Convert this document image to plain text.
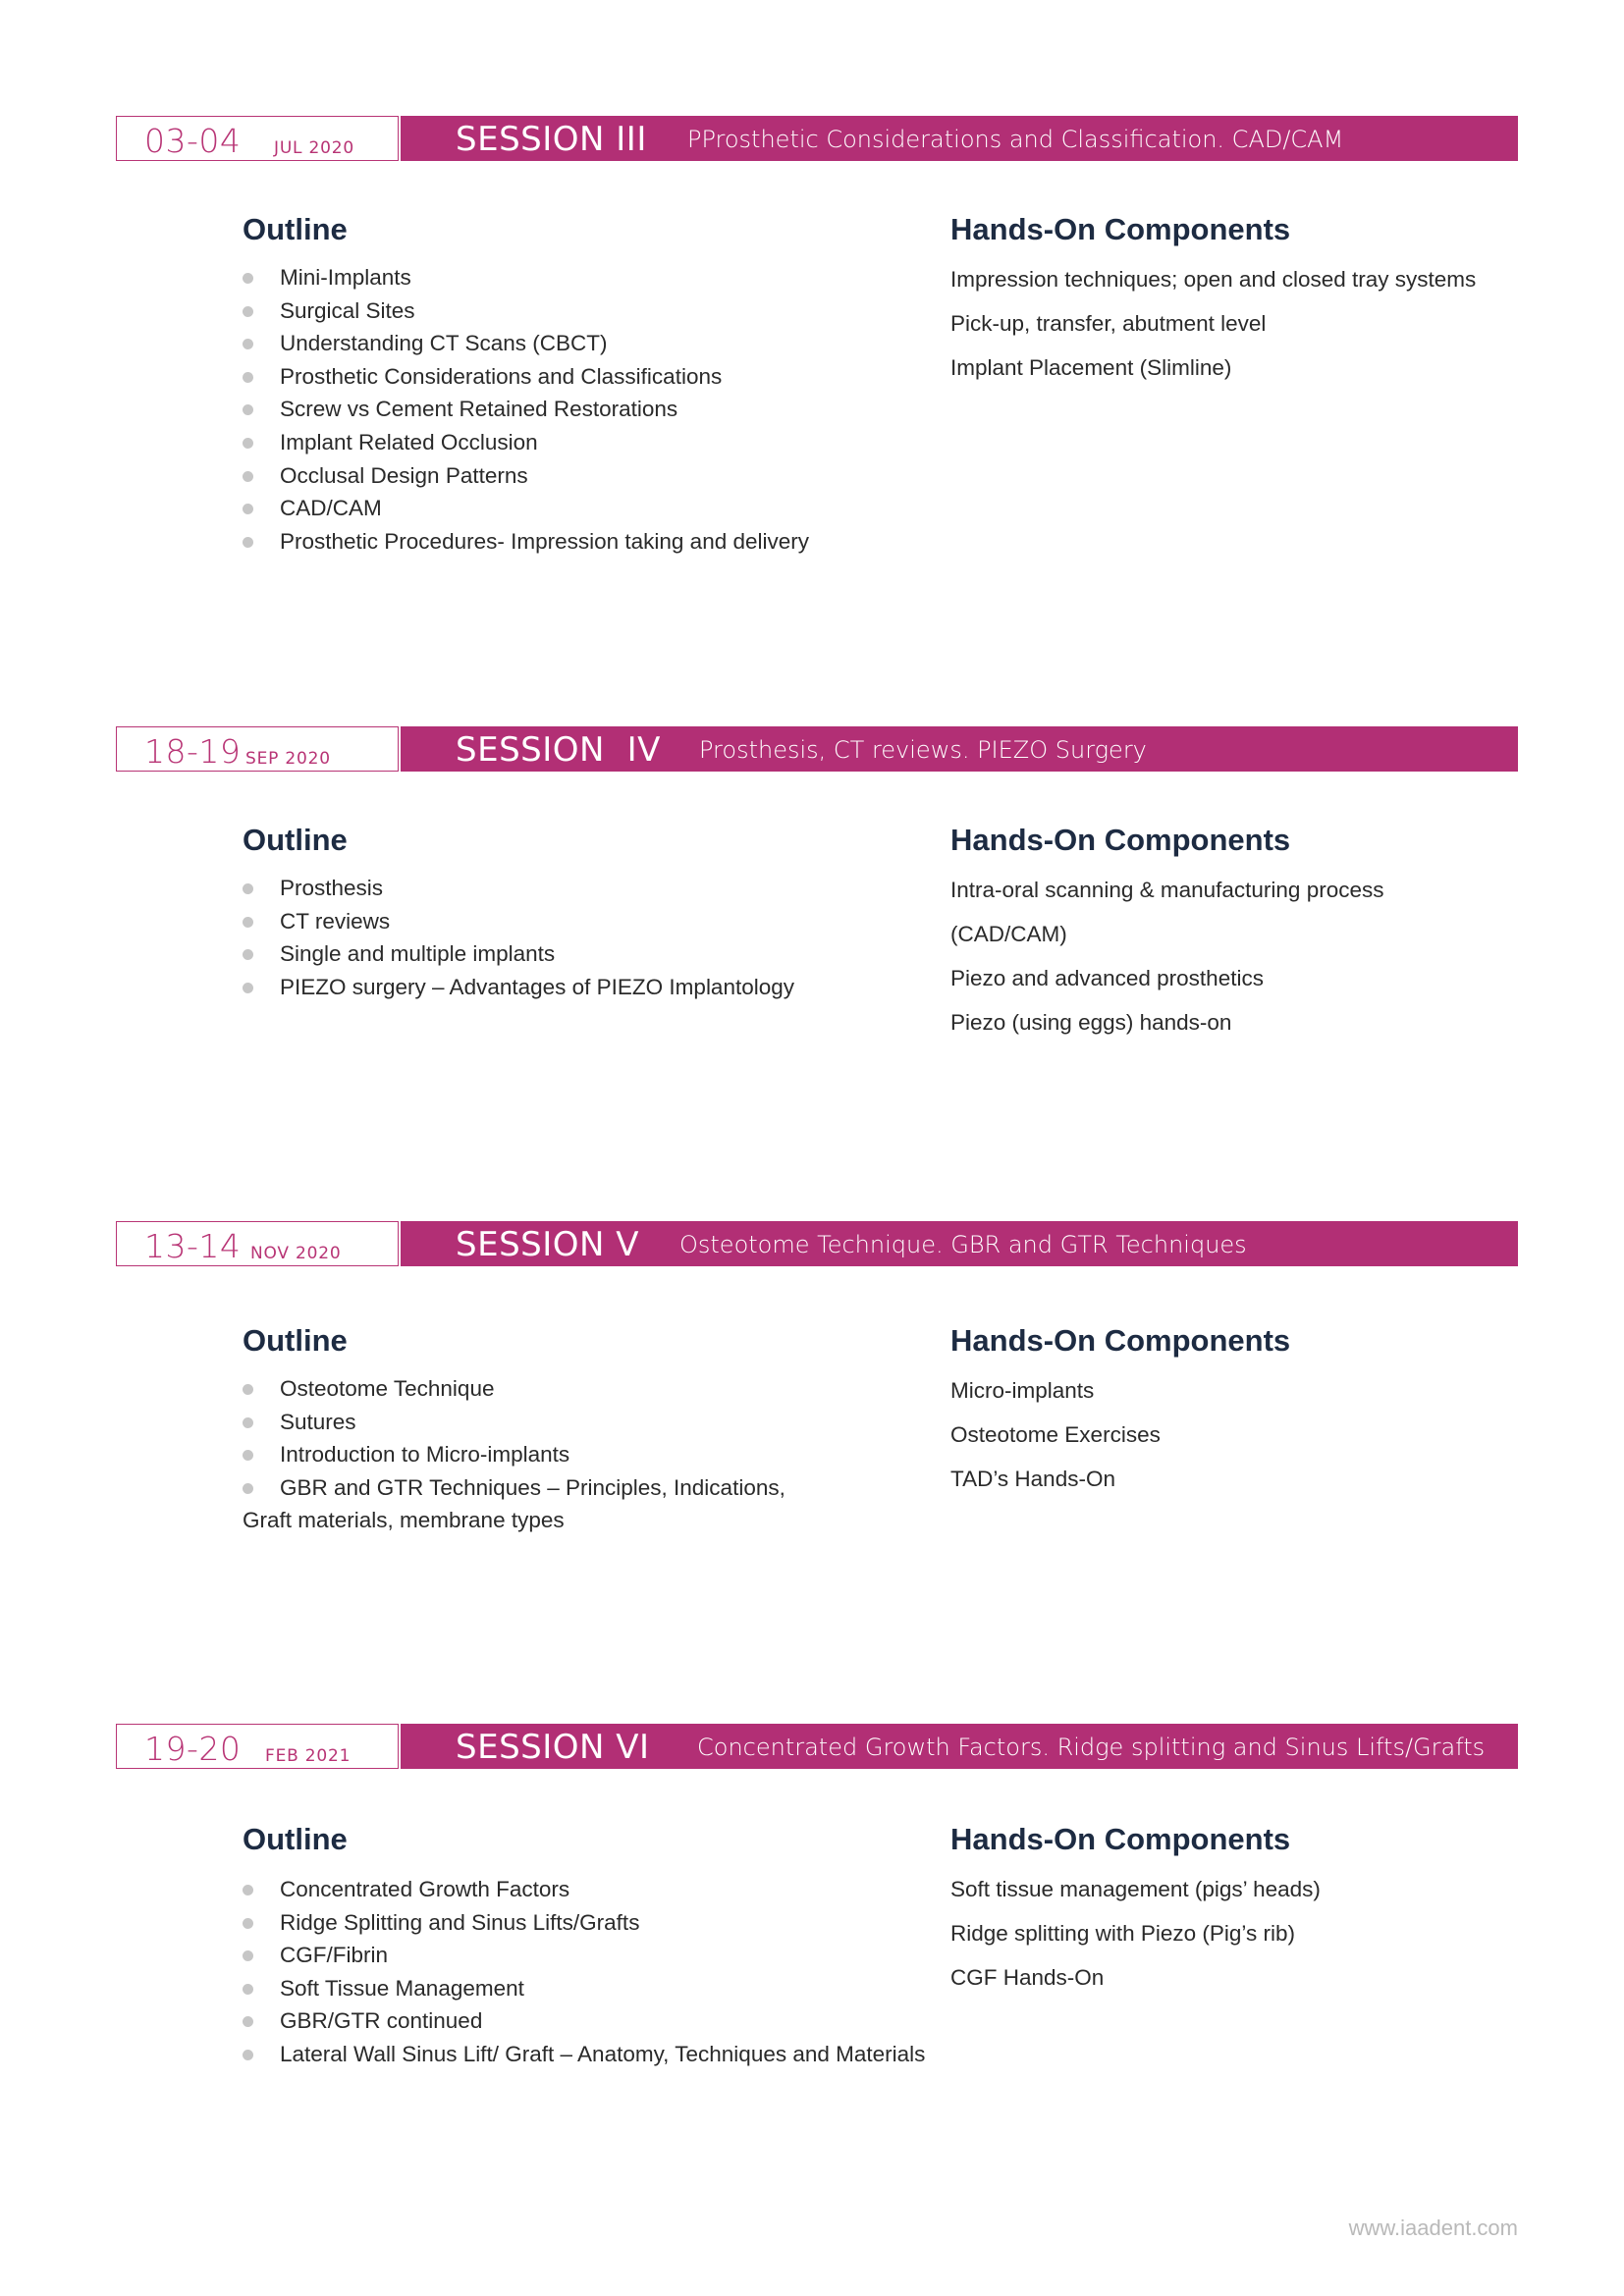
03-04 JUL 2020	SESSION III PProsthetic Considerations and Classification. CAD/CAM
Outline
Mini-Implants
Surgical Sites
Understanding CT Scans (CBCT)
Prosthetic Considerations and Classifications
Screw vs Cement Retained Restorations
Implant Related Occlusion
Occlusal Design Patterns
CAD/CAM
Prosthetic Procedures- Impression taking and delivery
Hands-On Components
Impression techniques; open and closed tray systems
Pick-up, transfer, abutment level
Implant Placement (Slimline)
18-19 SEP 2020	SESSION  IV Prosthesis, CT reviews. PIEZO Surgery
Outline
Prosthesis
CT reviews
Single and multiple implants
PIEZO surgery – Advantages of PIEZO Implantology
Hands-On Components
Intra-oral scanning & manufacturing process
(CAD/CAM)
Piezo and advanced prosthetics
Piezo (using eggs) hands-on
13-14 NOV 2020	SESSION V Osteotome Technique. GBR and GTR Techniques
Outline
Osteotome Technique
Sutures
Introduction to Micro-implants
GBR and GTR Techniques – Principles, Indications,
Graft materials, membrane types
Hands-On Components
Micro-implants
Osteotome Exercises
TAD’s Hands-On
19-20 FEB 2021	SESSION VI Concentrated Growth Factors. Ridge splitting and Sinus Lifts/Grafts
Outline
Concentrated Growth Factors
Ridge Splitting and Sinus Lifts/Grafts
CGF/Fibrin
Soft Tissue Management
GBR/GTR continued
Lateral Wall Sinus Lift/ Graft – Anatomy, Techniques and Materials
Hands-On Components
Soft tissue management (pigs’ heads)
Ridge splitting with Piezo (Pig’s rib)
CGF Hands-On
www.iaadent.com
